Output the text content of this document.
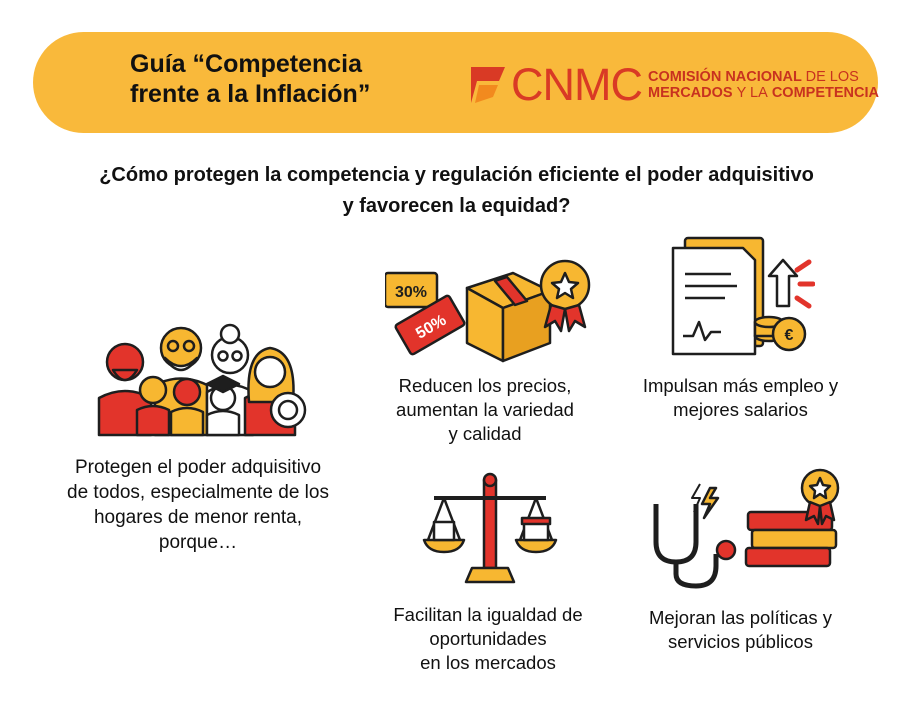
Guía “Competencia
frente a la Inflación”	CNMC COMISIÓN NACIONAL DE LOS
MERCADOS Y LA COMPETENCIA
¿Cómo protegen la competencia y regulación eficiente el poder adquisitivo
y favorecen la equidad?
Protegen el poder adquisitivo
de todos, especialmente de los
hogares de menor renta,
porque…
30%
50%
Reducen los precios,
aumentan la variedad
y calidad
€
Impulsan más empleo y
mejores salarios
Facilitan la igualdad de
oportunidades
en los mercados
Mejoran las políticas y
servicios públicos
